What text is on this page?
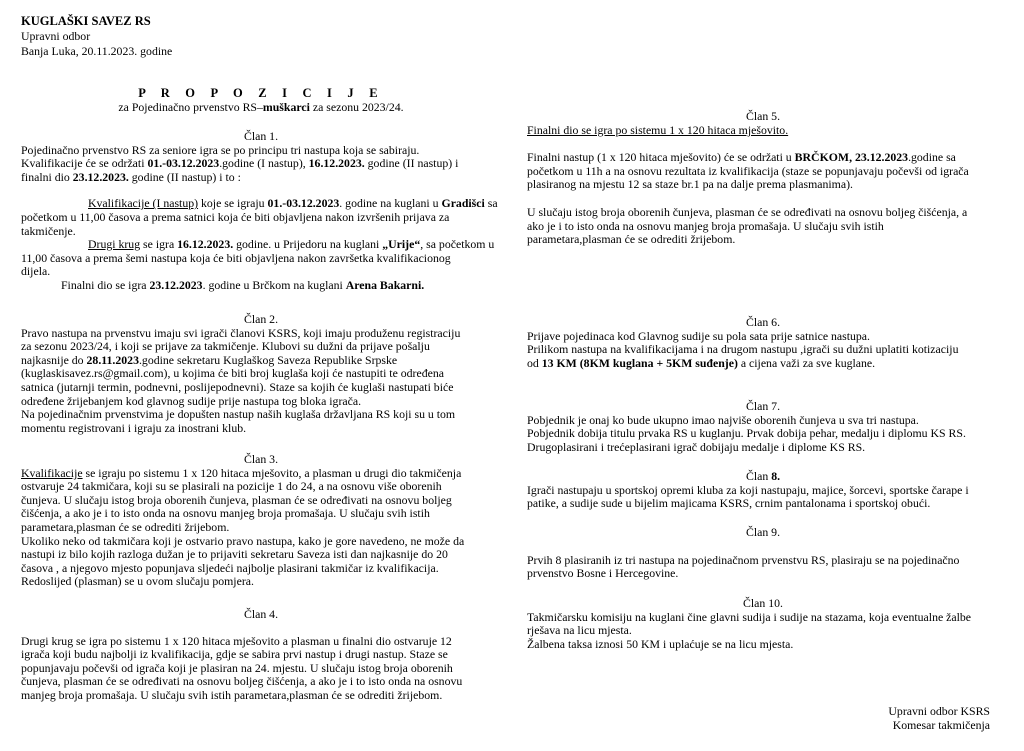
KUGLAŠKI SAVEZ RS
Upravni odbor
Banja Luka, 20.11.2023. godine
P R O P O Z I C I J E
za Pojedinačno prvenstvo RS–muškarci za sezonu 2023/24.

Član 1.

Pojedinačno prvenstvo RS za seniore igra se po principu tri nastupa koja se sabiraju.

Kvalifikacije će se održati 01.-03.12.2023.godine (I nastup), 16.12.2023. godine (II nastup) i

finalni dio 23.12.2023. godine (II nastup) i to :

Kvalifikacije (I nastup) koje se igraju 01.-03.12.2023. godine na kuglani u Gradišci sa

početkom u 11,00 časova a prema satnici koja će biti objavljena nakon izvršenih prijava za

takmičenje.

Drugi krug se igra 16.12.2023. godine. u Prijedoru na kuglani „Urije“, sa početkom u

11,00 časova a prema šemi nastupa koja će biti objavljena nakon završetka kvalifikacionog

dijela.

Finalni dio se igra 23.12.2023. godine u Brčkom na kuglani Arena Bakarni.

Član 2.

Pravo nastupa na prvenstvu imaju svi igrači članovi KSRS, koji imaju produženu registraciju

za sezonu 2023/24, i koji se prijave za takmičenje. Klubovi su dužni da prijave pošalju

najkasnije do 28.11.2023.godine sekretaru Kuglaškog Saveza Republike Srpske

(kuglaskisavez.rs@gmail.com), u kojima će biti broj kuglaša koji će nastupiti te određena

satnica (jutarnji termin, podnevni, poslijepodnevni). Staze sa kojih će kuglaši nastupati biće

određene žrijebanjem kod glavnog sudije prije nastupa tog bloka igrača.

Na pojedinačnim prvenstvima je dopušten nastup naših kuglaša državljana RS koji su u tom

momentu registrovani i igraju za inostrani klub.

Član 3.

Kvalifikacije se igraju po sistemu 1 x 120 hitaca mješovito, a plasman u drugi dio takmičenja

ostvaruje 24 takmičara, koji su se plasirali na pozicije 1 do 24, a na osnovu više oborenih

čunjeva. U slučaju istog broja oborenih čunjeva, plasman će se određivati na osnovu boljeg

čišćenja, a ako je i to isto onda na osnovu manjeg broja promašaja. U slučaju svih istih

parametara,plasman će se odrediti žrijebom.

Ukoliko neko od takmičara koji je ostvario pravo nastupa, kako je gore navedeno, ne može da

nastupi iz bilo kojih razloga dužan je to prijaviti sekretaru Saveza isti dan najkasnije do 20

časova , a njegovo mjesto popunjava sljedeći najbolje plasirani takmičar iz kvalifikacija.

Redoslijed (plasman) se u ovom slučaju pomjera.

Član 4.

Drugi krug se igra po sistemu 1 x 120 hitaca mješovito a plasman u finalni dio ostvaruje 12

igrača koji budu najbolji iz kvalifikacija, gdje se sabira prvi nastup i drugi nastup. Staze se

popunjavaju počevši od igrača koji je plasiran na 24. mjestu. U slučaju istog broja oborenih

čunjeva, plasman će se određivati na osnovu boljeg čišćenja, a ako je i to isto onda na osnovu

manjeg broja promašaja. U slučaju svih istih parametara,plasman će se odrediti žrijebom.

Član 5.

Finalni dio se igra po sistemu 1 x 120 hitaca mješovito.

Finalni nastup (1 x 120 hitaca mješovito) će se održati u BRČKOM, 23.12.2023.godine sa

početkom u 11h a na osnovu rezultata iz kvalifikacija (staze se popunjavaju počevši od igrača

plasiranog na mjestu 12 sa staze br.1 pa na dalje prema plasmanima).

U slučaju istog broja oborenih čunjeva, plasman će se određivati na osnovu boljeg čišćenja, a

ako je i to isto onda na osnovu manjeg broja promašaja. U slučaju svih istih

parametara,plasman će se odrediti žrijebom.

Član 6.

Prijave pojedinaca kod Glavnog sudije su pola sata prije satnice nastupa.

Prilikom nastupa na kvalifikacijama i na drugom nastupu ,igrači su dužni uplatiti kotizaciju

od 13 KM (8KM kuglana + 5KM suđenje) a cijena važi za sve kuglane.

Član 7.

Pobjednik je onaj ko bude ukupno imao najviše oborenih čunjeva u sva tri nastupa.

Pobjednik dobija titulu prvaka RS u kuglanju. Prvak dobija pehar, medalju i diplomu KS RS.

Drugoplasirani i trećeplasirani igrač dobijaju medalje i diplome KS RS.

Član 8.

Igrači nastupaju u sportskoj opremi kluba za koji nastupaju, majice, šorcevi, sportske čarape i

patike, a sudije sude u bijelim majicama KSRS, crnim pantalonama i sportskoj obući.

Član 9.

Prvih 8 plasiranih iz tri nastupa na pojedinačnom prvenstvu RS, plasiraju se na pojedinačno

prvenstvo Bosne i Hercegovine.

Član 10.

Takmičarsku komisiju na kuglani čine glavni sudija i sudije na stazama, koja eventualne žalbe

rješava na licu mjesta.

Žalbena taksa iznosi 50 KM i uplaćuje se na licu mjesta.

Upravni odbor KSRS

Komesar takmičenja
